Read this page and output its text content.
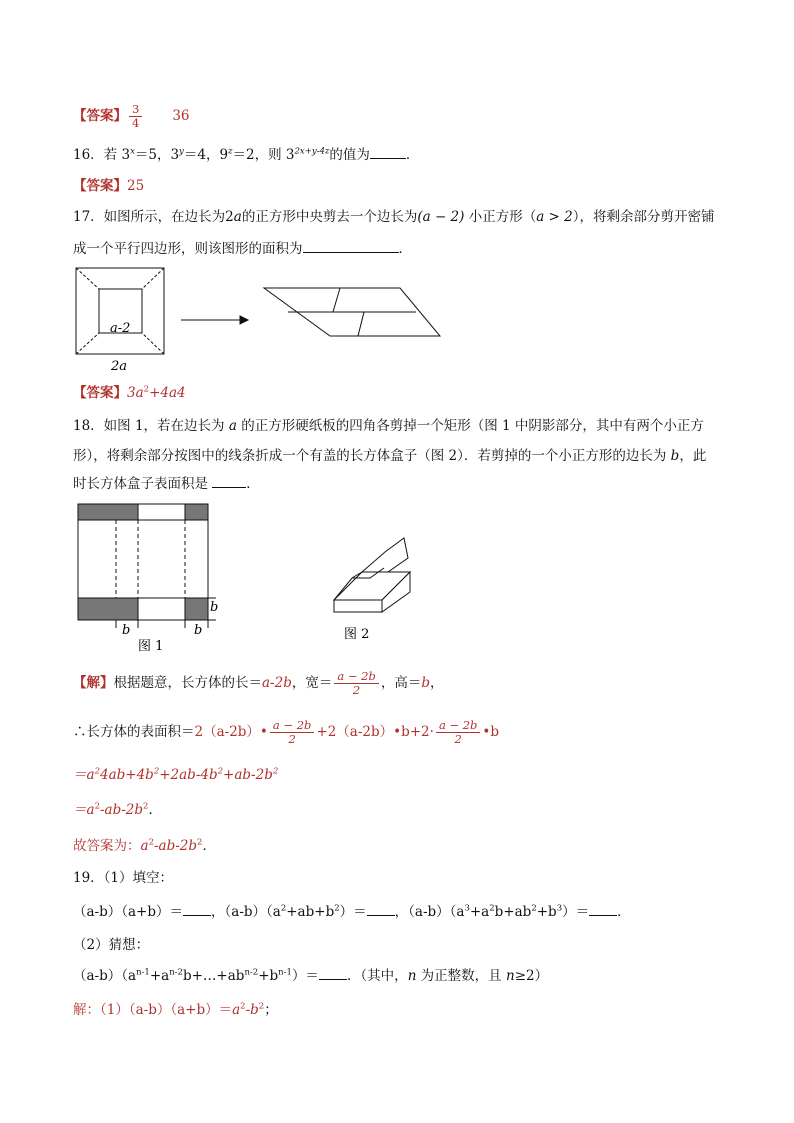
【答案】 $\frac{3}{4} 36$
16．若 $3^x=5$，$3^y=4$，$9^z=2$，则 $3^{2x+y-4z}$的值为	．
【答案】25
17．如图所示，在边长为2a的正方形中央剪去一个边长为(a − 2) 小正方形（a > 2），将剩余部分剪开密铺
成一个平行四边形，则该图形的面积为	．
a-2
2a
【答案】$3a^2+4a4$
18．如图 1，若在边长为 a 的正方形硬纸板的四角各剪掉一个矩形（图 1 中阴影部分，其中有两个小正方
形），将剩余部分按图中的线条折成一个有盖的长方体盒子（图 2）．若剪掉的一个小正方形的边长为 b，此
时长方体盒子表面积是	．
b	b
b
图 1
图 2
【解】根据题意，长方体的长＝a-2b，宽＝ $\frac{a - 2b}{2}$ ，高＝b，
∴长方体的表面积＝2（a-2b）• $\frac{a - 2b}{2}$ +2（a-2b）•b+2· $\frac{a - 2b}{2}$ •b
$=a^24ab+4b^2+2ab-4b^2+ab-2b^2$
$=a^2-ab-2b^2$．
故答案为：$a^2-ab-2b^2$．
19．（1）填空：
（a-b）（a+b）＝ ，$(a-b)(a^2+ab+b^2)=$ ，$(a-b)(a^3+a^2b+ab^2+b^3)=$ ．
（2）猜想：
$(a-b)(a^{n-1}+a^{n-2}b+\dots+ab^{n-2}+b^{n-1})=$ ．（其中，n 为正整数，且 n≥2）
解：$(1)(a-b)(a+b)=a^2-b^2$；
